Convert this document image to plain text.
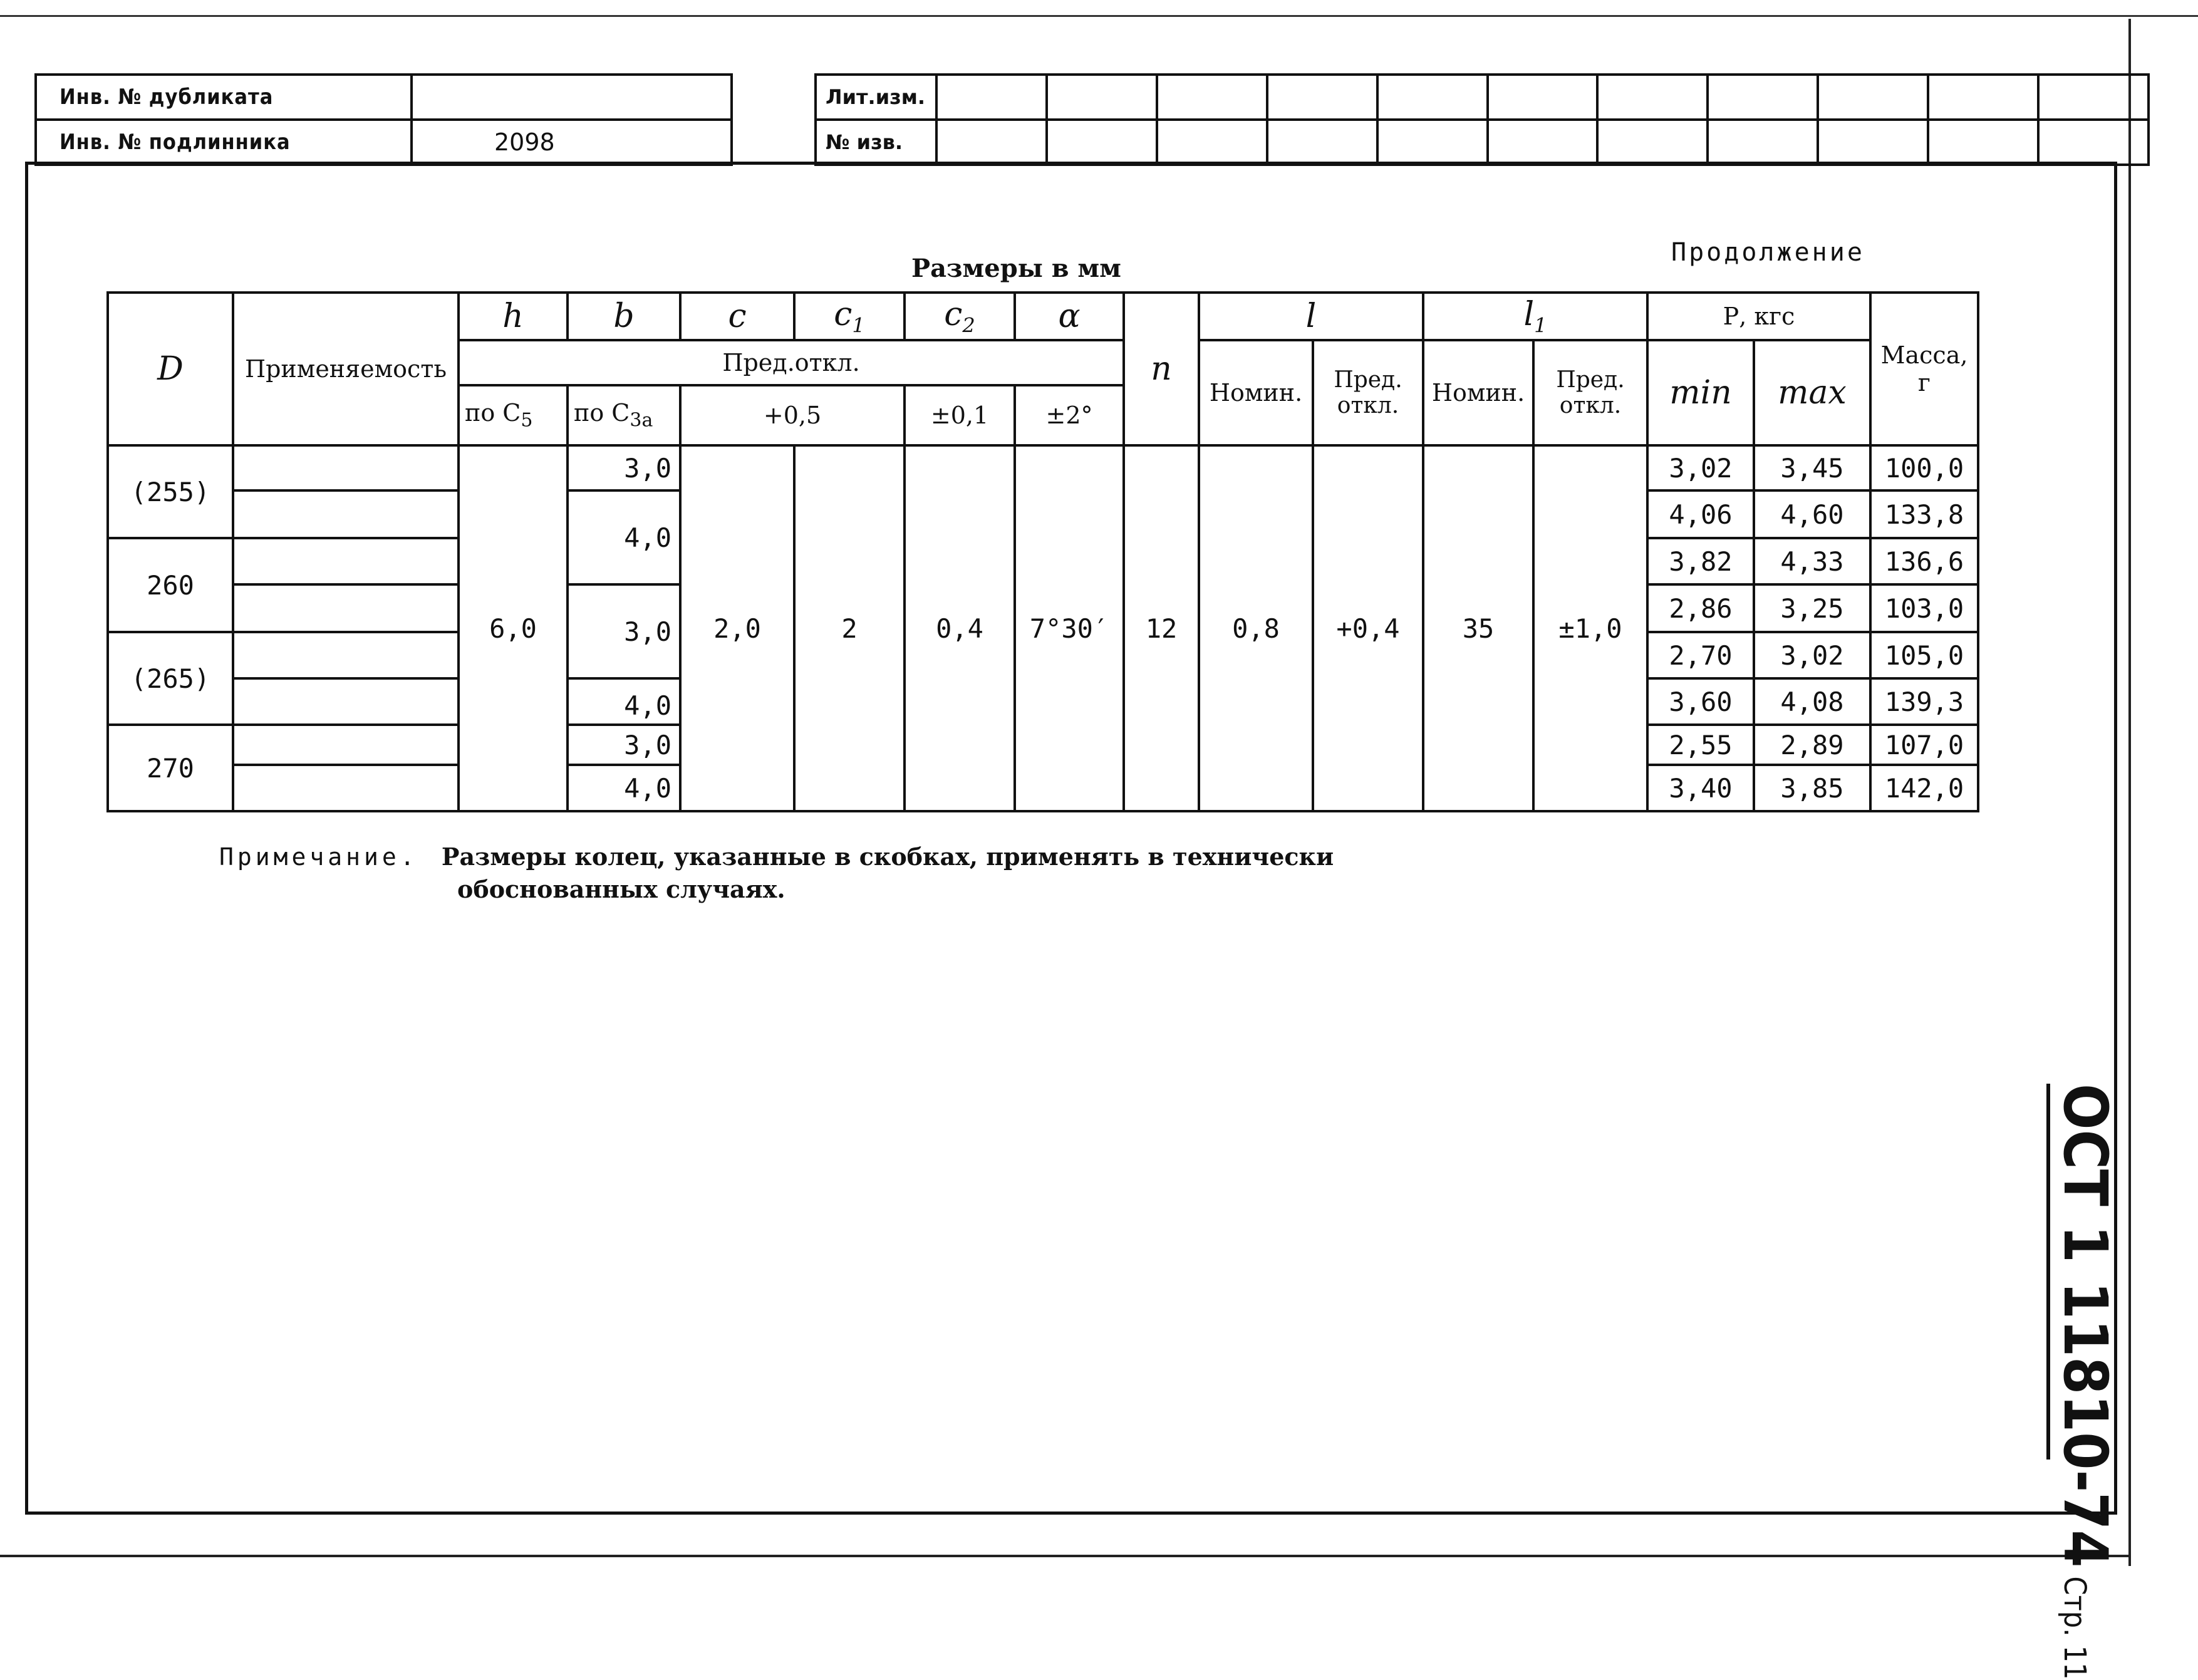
Инв. № дубликата	
Инв. № подлинника	2098
Лит.изм.											
№ изв.											
Размеры в мм
Продолжение
D	Применяемость	h	b	c	$c_1$	$c_2$	α	n	l		$l_1$		Р, кгс		Масса, г
		Пред.откл.							Номин.	Пред. откл.	Номин.	Пред. откл.	min	max	
		по $C_5$	по $C_{3а}$	+0,5		±0,1	±2°								
(255)		6,0	3,0	2,0	2	0,4	7°30′	12	0,8	+0,4	35	±1,0	3,02	3,45	100,0
			4,0										4,06	4,60	133,8
260													3,82	4,33	136,6
			3,0										2,86	3,25	103,0
(265)													2,70	3,02	105,0
			4,0										3,60	4,08	139,3
270			3,0										2,55	2,89	107,0
			4,0										3,40	3,85	142,0
Примечание. Размеры колец, указанные в скобках, применять в технически
обоснованных случаях.
ОСТ 1 11810-74Стр. 11
